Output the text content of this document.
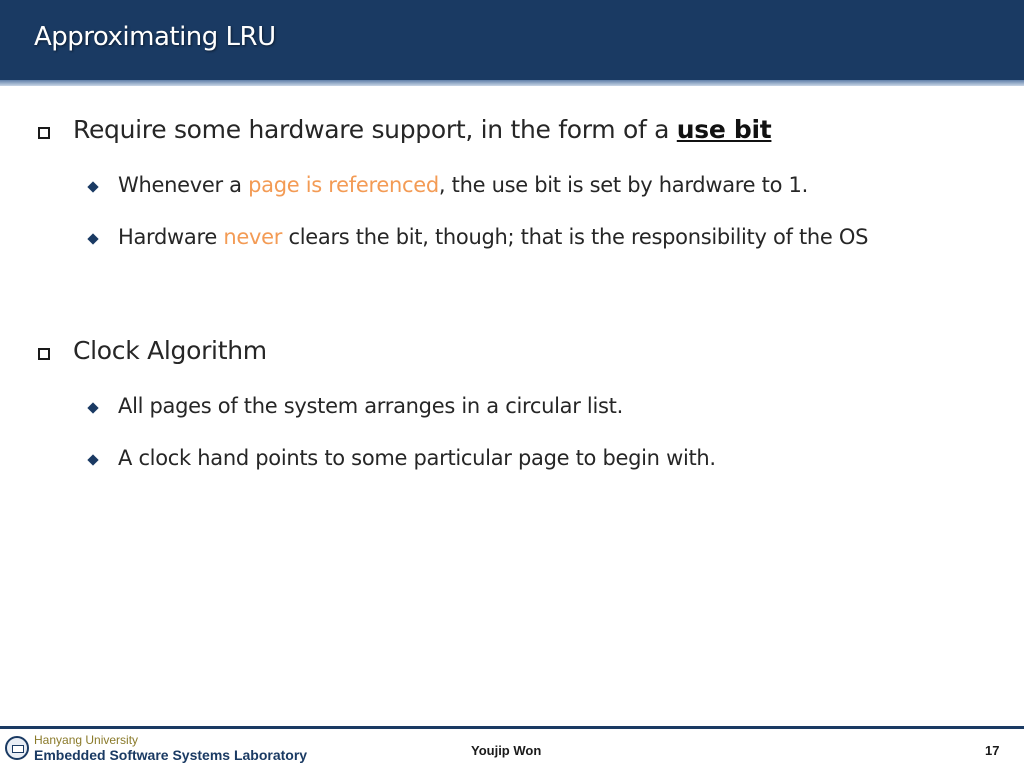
Approximating LRU
Require some hardware support, in the form of a use bit
Whenever a page is referenced, the use bit is set by hardware to 1.
Hardware never clears the bit, though; that is the responsibility of the OS
Clock Algorithm
All pages of the system arranges in a circular list.
A clock hand points to some particular page to begin with.
Hanyang University
Embedded Software Systems Laboratory	Youjip Won	17
